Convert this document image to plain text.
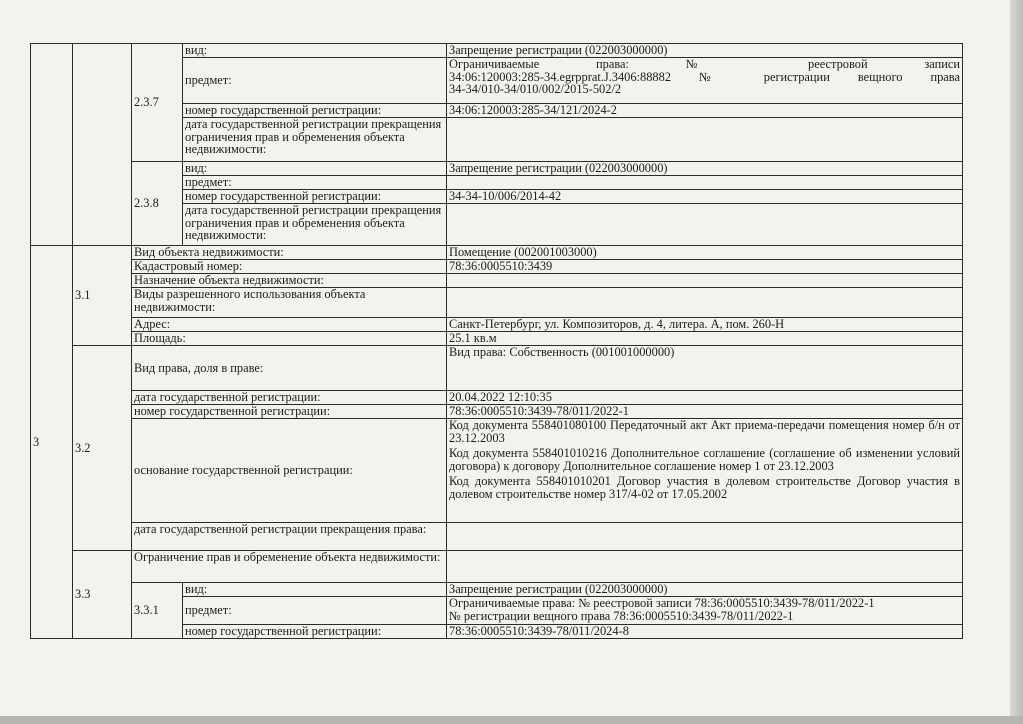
		2.3.7	вид:	Запрещение регистрации (022003000000)
			предмет:	Ограничиваемые права: № реестровой записи
34:06:120003:285-34.egrpprat.J.3406:88882 № регистрации вещного права
34-34/010-34/010/002/2015-502/2

			номер государственной регистрации:	34:06:120003:285-34/121/2024-2
			дата государственной регистрации прекращения ограничения прав и обременения объекта недвижимости:	
		2.3.8	вид:	Запрещение регистрации (022003000000)
			предмет:	
			номер государственной регистрации:	34-34-10/006/2014-42
			дата государственной регистрации прекращения ограничения прав и обременения объекта недвижимости:	
3	3.1	Вид объекта недвижимости:		Помещение (002001003000)
		Кадастровый номер:		78:36:0005510:3439
		Назначение объекта недвижимости:		
		Виды разрешенного использования объекта недвижимости:		
		Адрес:		Санкт-Петербург, ул. Композиторов, д. 4, литера. А, пом. 260-Н
		Площадь:		25.1 кв.м
	3.2	Вид права, доля в праве:		Вид права: Собственность (001001000000)
		дата государственной регистрации:		20.04.2022 12:10:35
		номер государственной регистрации:		78:36:0005510:3439-78/011/2022-1
		основание государственной регистрации:		Код документа 558401080100 Передаточный акт Акт приема-передачи помещения номер б/н от 23.12.2003
Код документа 558401010216 Дополнительное соглашение (соглашение об изменении условий договора) к договору Дополнительное соглашение номер 1 от 23.12.2003
Код документа 558401010201 Договор участия в долевом строительстве Договор участия в долевом строительстве номер 317/4-02 от 17.05.2002

		дата государственной регистрации прекращения права:		
	3.3	Ограничение прав и обременение объекта недвижимости:		
		3.3.1	вид:	Запрещение регистрации (022003000000)
			предмет:	Ограничиваемые права: № реестровой записи 78:36:0005510:3439-78/011/2022-1
№ регистрации вещного права 78:36:0005510:3439-78/011/2022-1

			номер государственной регистрации:	78:36:0005510:3439-78/011/2024-8
